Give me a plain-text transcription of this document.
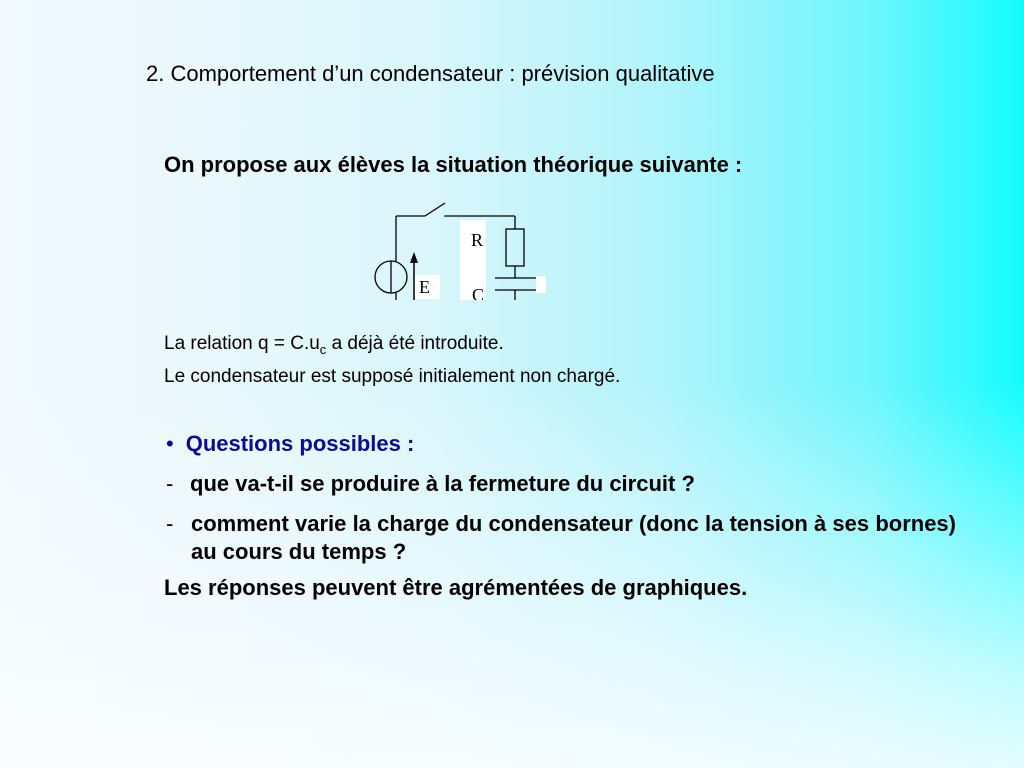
2. Comportement d’un condensateur : prévision qualitative
On propose aux élèves la situation théorique suivante :
R
C
E
La relation $q = C.u_c$ a déjà été introduite.
Le condensateur est supposé initialement non chargé.
• Questions possibles :
- que va-t-il se produire à la fermeture du circuit ?
- comment varie la charge du condensateur (donc la tension à ses bornes) au cours du temps ?
Les réponses peuvent être agrémentées de graphiques.
